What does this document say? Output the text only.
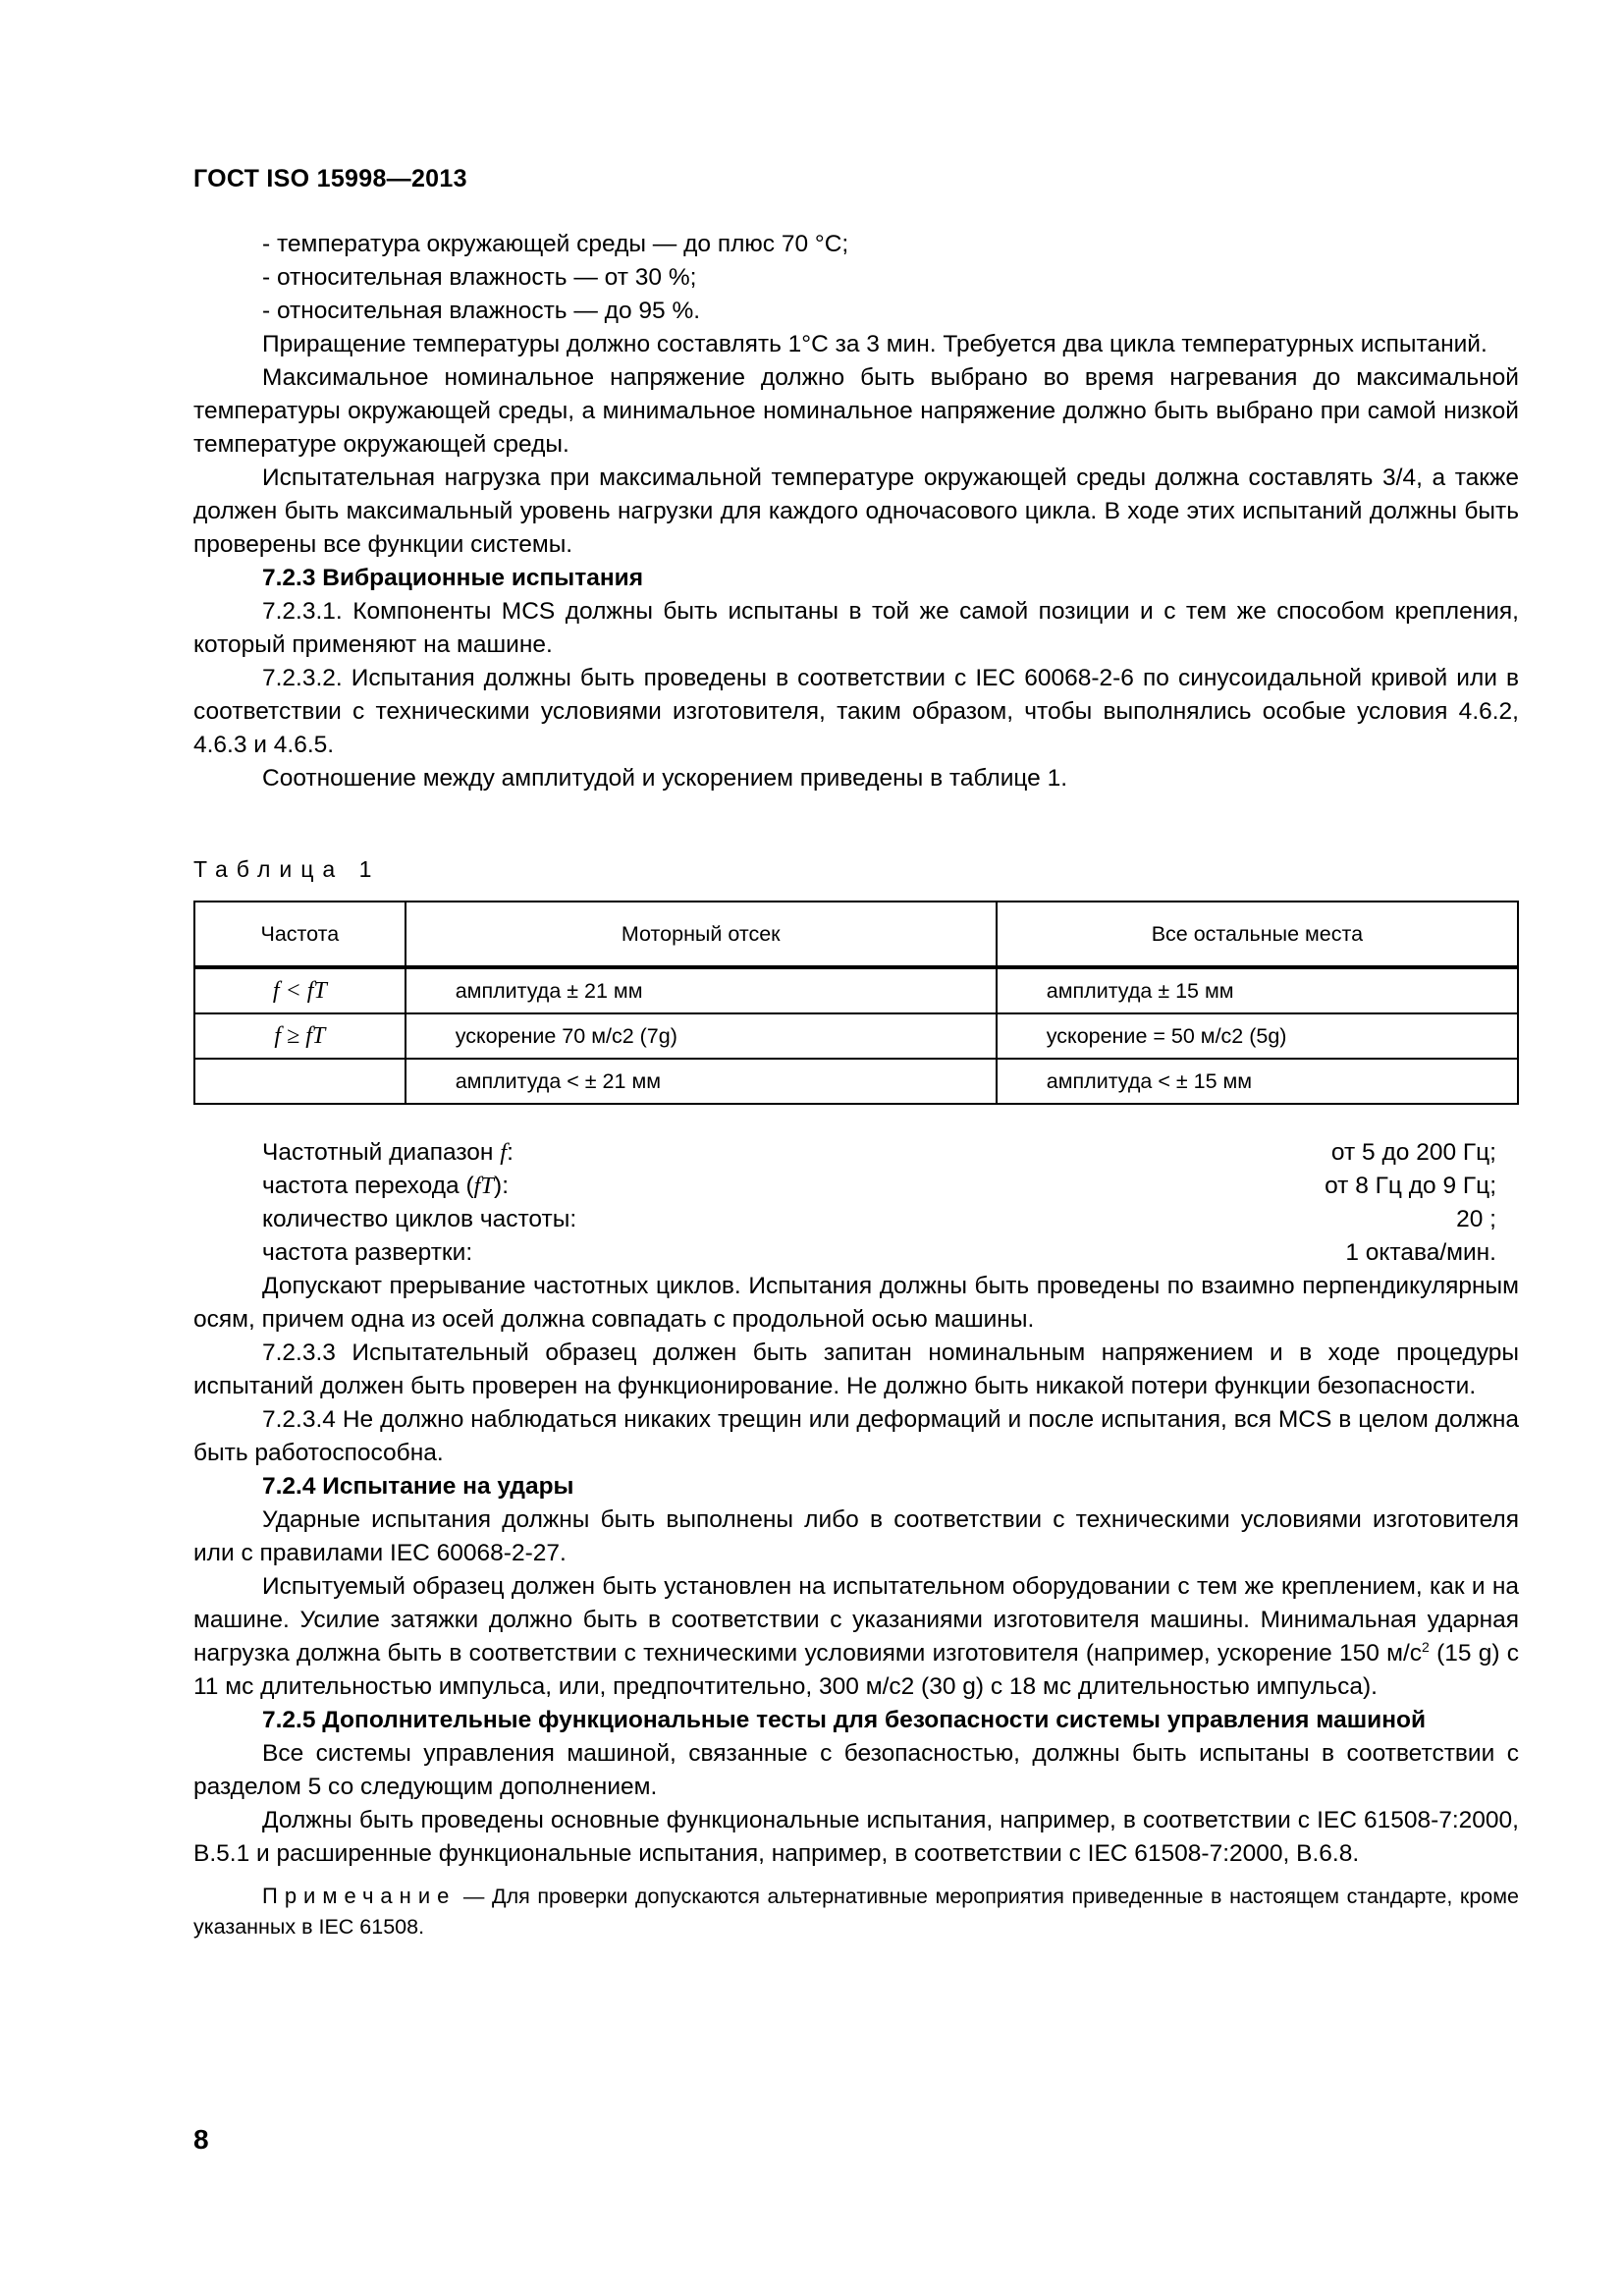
ГОСТ ISO 15998—2013

- температура окружающей среды — до плюс 70 °С;

- относительная влажность — от 30 %;

- относительная влажность — до 95 %.

Приращение температуры должно составлять 1°С за 3 мин. Требуется два цикла температурных испытаний.

Максимальное номинальное напряжение должно быть выбрано во время нагревания до максимальной температуры окружающей среды, а минимальное номинальное напряжение должно быть выбрано при самой низкой температуре окружающей среды.

Испытательная нагрузка при максимальной температуре окружающей среды должна составлять 3/4, а также должен быть максимальный уровень нагрузки для каждого одночасового цикла. В ходе этих испытаний должны быть проверены все функции системы.

7.2.3 Вибрационные испытания

7.2.3.1. Компоненты MCS должны быть испытаны в той же самой позиции и с тем же способом крепления, который применяют на машине.

7.2.3.2. Испытания должны быть проведены в соответствии с IEC 60068-2-6 по синусоидальной кривой или в соответствии с техническими условиями изготовителя, таким образом, чтобы выполнялись особые условия 4.6.2, 4.6.3 и 4.6.5.

Соотношение между амплитудой и ускорением приведены в таблице 1.

Таблица 1
Частота	Моторный отсек	Все остальные места
f < fT	амплитуда ± 21 мм	амплитуда ± 15 мм
f ≥ fT	ускорение 70 м/с2 (7g)	ускорение = 50 м/с2 (5g)
	амплитуда < ± 21 мм	амплитуда < ± 15 мм
Частотный диапазон f:	от 5 до 200 Гц;
частота перехода (fT):	от 8 Гц до 9 Гц;
количество циклов частоты:	20 ;
частота развертки:	1 октава/мин.

Допускают прерывание частотных циклов. Испытания должны быть проведены по взаимно перпендикулярным осям, причем одна из осей должна совпадать с продольной осью машины.

7.2.3.3 Испытательный образец должен быть запитан номинальным напряжением и в ходе процедуры испытаний должен быть проверен на функционирование. Не должно быть никакой потери функции безопасности.

7.2.3.4 Не должно наблюдаться никаких трещин или деформаций и после испытания, вся MCS в целом должна быть работоспособна.

7.2.4 Испытание на удары

Ударные испытания должны быть выполнены либо в соответствии с техническими условиями изготовителя или с правилами IEC 60068-2-27.

Испытуемый образец должен быть установлен на испытательном оборудовании с тем же креплением, как и на машине. Усилие затяжки должно быть в соответствии с указаниями изготовителя машины. Минимальная ударная нагрузка должна быть в соответствии с техническими условиями изготовителя (например, ускорение 150 $м/с^2$ (15 g) с 11 мс длительностью импульса, или, предпочтительно, 300 м/с2 (30 g) с 18 мс длительностью импульса).

7.2.5 Дополнительные функциональные тесты для безопасности системы управления машиной

Все системы управления машиной, связанные с безопасностью, должны быть испытаны в соответствии с разделом 5 со следующим дополнением.

Должны быть проведены основные функциональные испытания, например, в соответствии с IEC 61508-7:2000, B.5.1 и расширенные функциональные испытания, например, в соответствии с IEC 61508-7:2000, B.6.8.

Примечание — Для проверки допускаются альтернативные мероприятия приведенные в настоящем стандарте, кроме указанных в IEC 61508.

8
